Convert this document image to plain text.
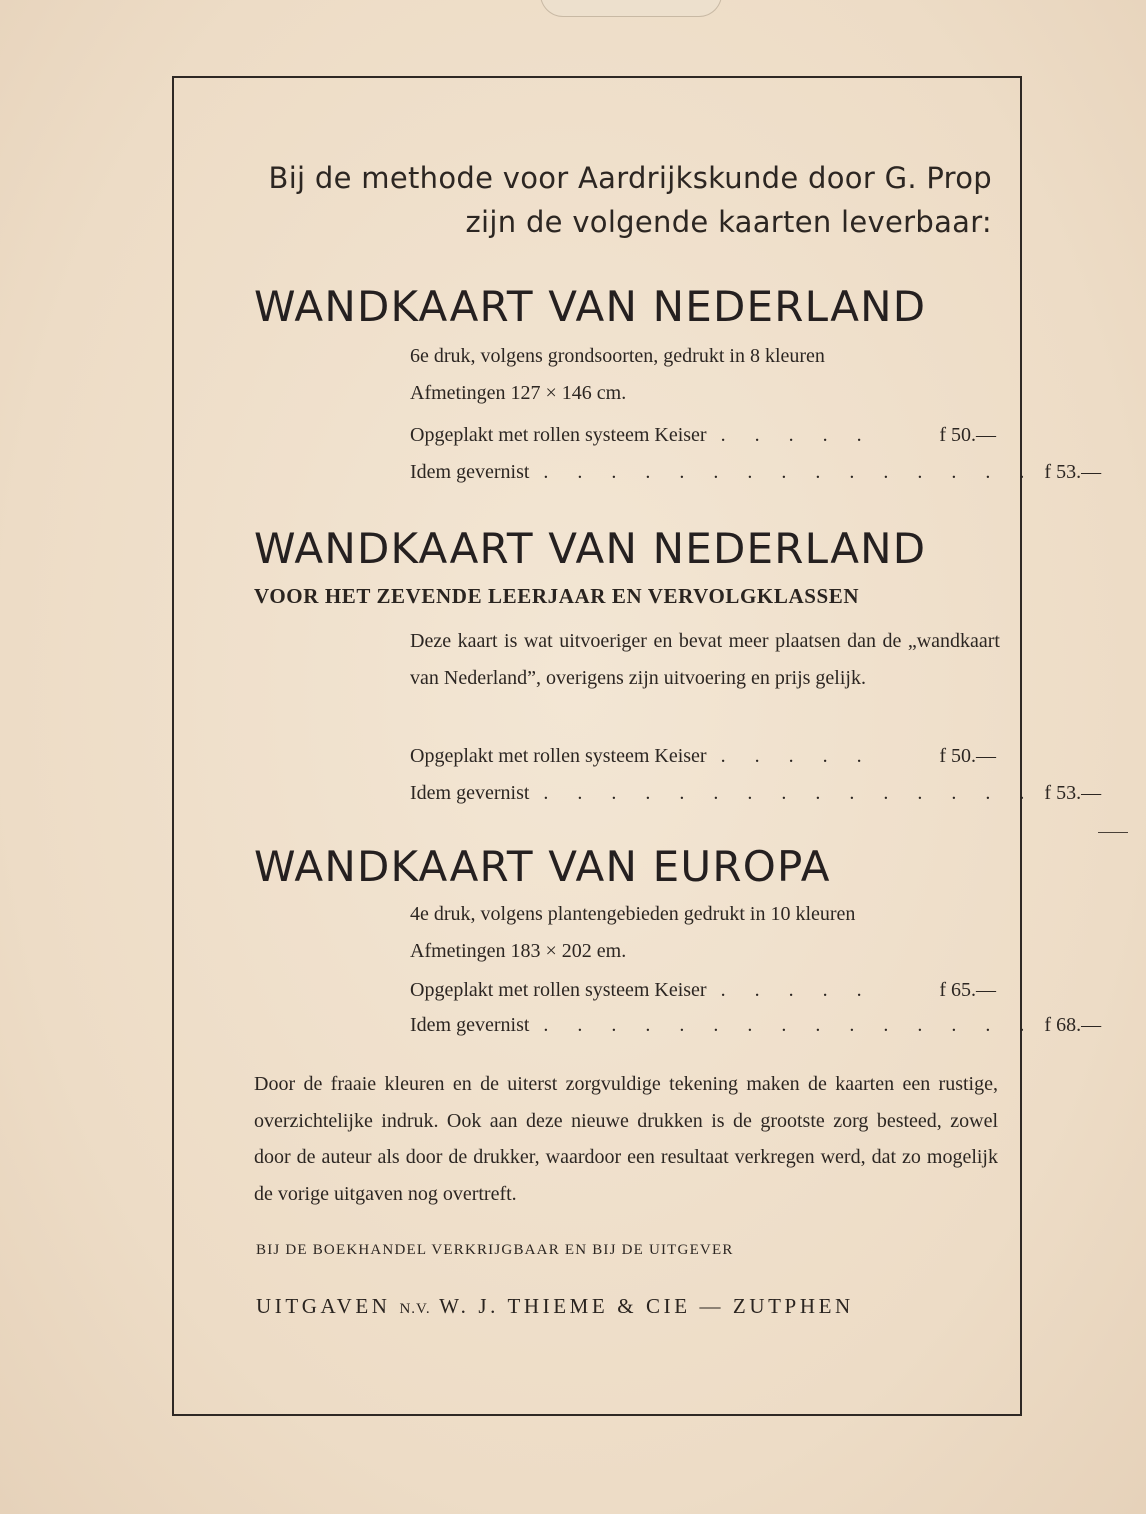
Bij de methode voor Aardrijkskunde door G. Prop
zijn de volgende kaarten leverbaar:
WANDKAART VAN NEDERLAND
6e druk, volgens grondsoorten, gedrukt in 8 kleuren
Afmetingen 127 × 146 cm.
Opgeplakt met rollen systeem Keiser . . . . .	f 50.—
Idem gevernist . . . . . . . . . . . . . . . f 53.—
WANDKAART VAN NEDERLAND
VOOR HET ZEVENDE LEERJAAR EN VERVOLGKLASSEN
Deze kaart is wat uitvoeriger en bevat meer plaatsen dan de „wandkaart van Nederland”, overigens zijn uitvoering en prijs gelijk.
Opgeplakt met rollen systeem Keiser . . . . .	f 50.—
Idem gevernist . . . . . . . . . . . . . . . f 53.—
WANDKAART VAN EUROPA
4e druk, volgens plantengebieden gedrukt in 10 kleuren
Afmetingen 183 × 202 em.
Opgeplakt met rollen systeem Keiser . . . . .	f 65.—
Idem gevernist . . . . . . . . . . . . . . . f 68.—
Door de fraaie kleuren en de uiterst zorgvuldige tekening maken de kaarten een rustige, overzichtelijke indruk. Ook aan deze nieuwe drukken is de grootste zorg besteed, zowel door de auteur als door de drukker, waardoor een resultaat verkregen werd, dat zo mogelijk de vorige uitgaven nog overtreft.
BIJ DE BOEKHANDEL VERKRIJGBAAR EN BIJ DE UITGEVER
UITGAVEN N.V. W. J. THIEME & CIE — ZUTPHEN
